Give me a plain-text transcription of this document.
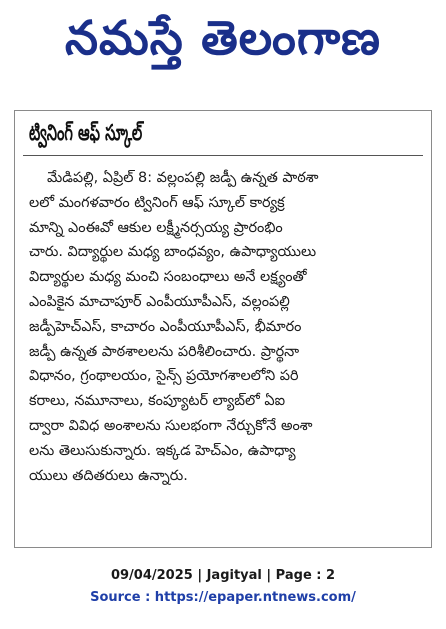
నమస్తే తెలంగాణ
ట్వినింగ్ ఆఫ్ స్కూల్
మేడిపల్లి, ఏప్రిల్ 8: వల్లంపల్లి జడ్పీ ఉన్నత పాఠశా
లలో మంగళవారం ట్వినింగ్ ఆఫ్ స్కూల్ కార్యక్ర
మాన్ని ఎంఈవో ఆకుల లక్ష్మీనర్సయ్య ప్రారంభిం
చారు. విద్యార్థుల మధ్య బాంధవ్యం, ఉపాధ్యాయులు
విద్యార్థుల మధ్య మంచి సంబంధాలు అనే లక్ష్యంతో
ఎంపికైన మాచాపూర్ ఎంపీయూపీఎస్, వల్లంపల్లి
జడ్పీహెచ్ఎస్, కాచారం ఎంపీయూపీఎస్, భీమారం
జడ్పీ ఉన్నత పాఠశాలలను పరిశీలించారు. ప్రార్థనా
విధానం, గ్రంథాలయం, సైన్స్ ప్రయోగశాలలోని పరి
కరాలు, నమూనాలు, కంప్యూటర్ ల్యాబ్‌లో ఏఐ
ద్వారా వివిధ అంశాలను సులభంగా నేర్చుకోనే అంశా
లను తెలుసుకున్నారు. ఇక్కడ హెచ్ఎం, ఉపాధ్యా
యులు తదితరులు ఉన్నారు.
09/04/2025 | Jagityal | Page : 2
Source : https://epaper.ntnews.com/
